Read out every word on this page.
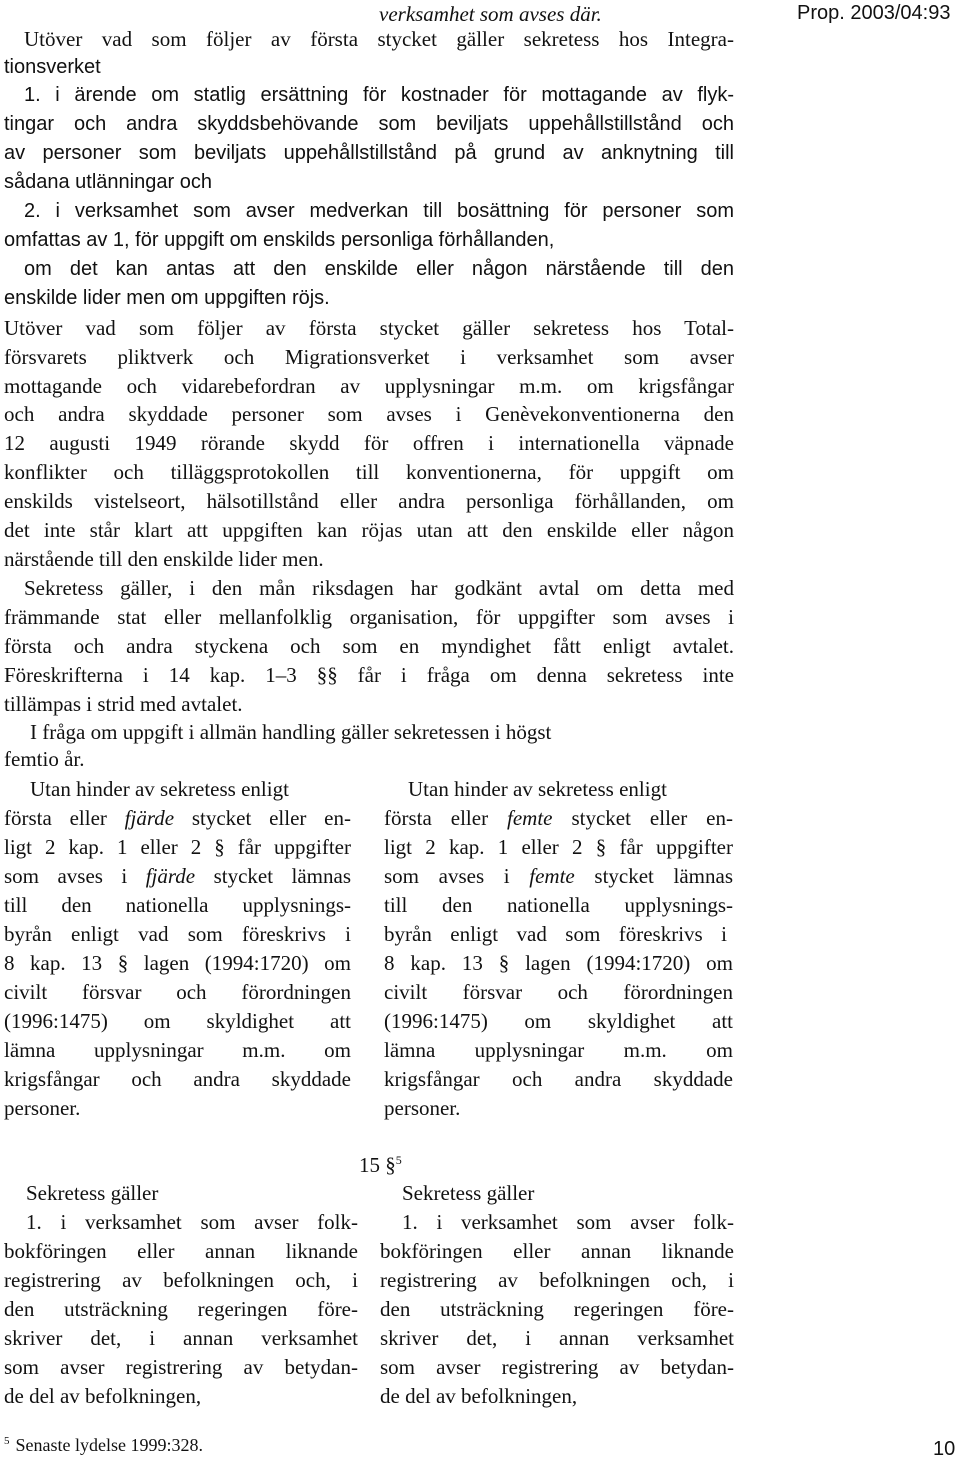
verksamhet som avses där.	Prop. 2003/04:93
Utöver vad som följer av första stycket gäller sekretess hos Integra-
tionsverket
1. i ärende om statlig ersättning för kostnader för mottagande av flyk-
tingar och andra skyddsbehövande som beviljats uppehållstillstånd och
av personer som beviljats uppehållstillstånd på grund av anknytning till
sådana utlänningar och
2. i verksamhet som avser medverkan till bosättning för personer som
omfattas av 1, för uppgift om enskilds personliga förhållanden,
om det kan antas att den enskilde eller någon närstående till den
enskilde lider men om uppgiften röjs.
Utöver vad som följer av första stycket gäller sekretess hos Total-
försvarets pliktverk och Migrationsverket i verksamhet som avser
mottagande och vidarebefordran av upplysningar m.m. om krigsfångar
och andra skyddade personer som avses i Genèvekonventionerna den
12 augusti 1949 rörande skydd för offren i internationella väpnade
konflikter och tilläggsprotokollen till konventionerna, för uppgift om
enskilds vistelseort, hälsotillstånd eller andra personliga förhållanden, om
det inte står klart att uppgiften kan röjas utan att den enskilde eller någon
närstående till den enskilde lider men.
Sekretess gäller, i den mån riksdagen har godkänt avtal om detta med
främmande stat eller mellanfolklig organisation, för uppgifter som avses i
första och andra styckena och som en myndighet fått enligt avtalet.
Föreskrifterna i 14 kap. 1–3 §§ får i fråga om denna sekretess inte
tillämpas i strid med avtalet.
I fråga om uppgift i allmän handling gäller sekretessen i högst
femtio år.
Utan hinder av sekretess enligt
första eller fjärde stycket eller en-
ligt 2 kap. 1 eller 2 § får uppgifter
som avses i fjärde stycket lämnas
till den nationella upplysnings-
byrån enligt vad som föreskrivs i
8 kap. 13 § lagen (1994:1720) om
civilt försvar och förordningen
(1996:1475) om skyldighet att
lämna upplysningar m.m. om
krigsfångar och andra skyddade
personer.
Utan hinder av sekretess enligt
första eller femte stycket eller en-
ligt 2 kap. 1 eller 2 § får uppgifter
som avses i femte stycket lämnas
till den nationella upplysnings-
byrån enligt vad som föreskrivs i
8 kap. 13 § lagen (1994:1720) om
civilt försvar och förordningen
(1996:1475) om skyldighet att
lämna upplysningar m.m. om
krigsfångar och andra skyddade
personer.
15 §$^5$
Sekretess gäller
1. i verksamhet som avser folk-
bokföringen eller annan liknande
registrering av befolkningen och, i
den utsträckning regeringen före-
skriver det, i annan verksamhet
som avser registrering av betydan-
de del av befolkningen,
Sekretess gäller
1. i verksamhet som avser folk-
bokföringen eller annan liknande
registrering av befolkningen och, i
den utsträckning regeringen före-
skriver det, i annan verksamhet
som avser registrering av betydan-
de del av befolkningen,
$^5$ Senaste lydelse 1999:328.	10
